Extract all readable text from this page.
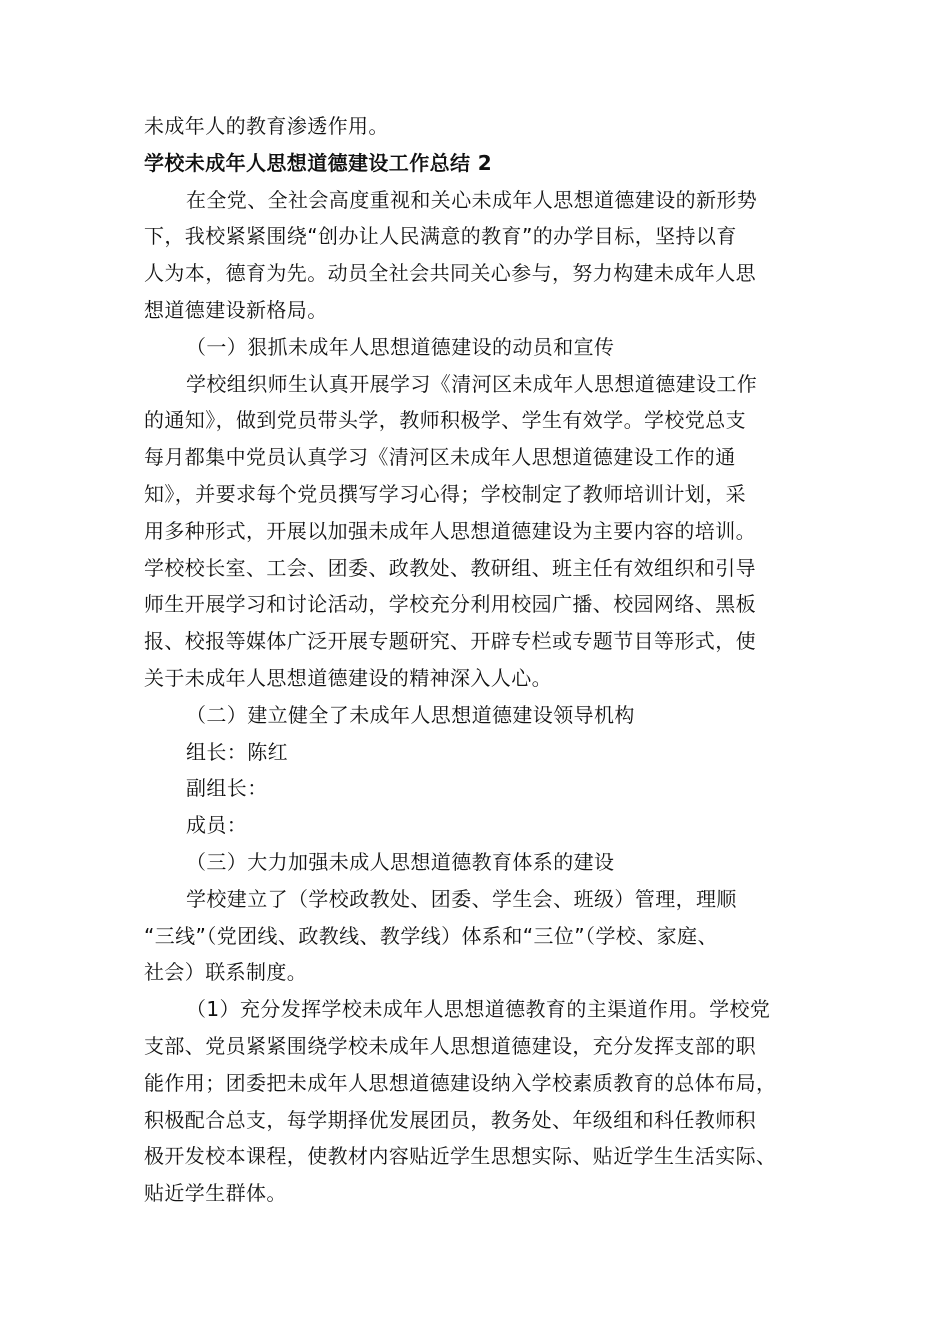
未成年人的教育渗透作用。

学校未成年人思想道德建设工作总结 2

在全党、全社会高度重视和关心未成年人思想道德建设的新形势

下，我校紧紧围绕“创办让人民满意的教育”的办学目标，坚持以育

人为本，德育为先。动员全社会共同关心参与，努力构建未成年人思

想道德建设新格局。

（一）狠抓未成年人思想道德建设的动员和宣传

学校组织师生认真开展学习《清河区未成年人思想道德建设工作

的通知》，做到党员带头学，教师积极学、学生有效学。学校党总支

每月都集中党员认真学习《清河区未成年人思想道德建设工作的通

知》，并要求每个党员撰写学习心得；学校制定了教师培训计划，采

用多种形式，开展以加强未成年人思想道德建设为主要内容的培训。

学校校长室、工会、团委、政教处、教研组、班主任有效组织和引导

师生开展学习和讨论活动，学校充分利用校园广播、校园网络、黑板

报、校报等媒体广泛开展专题研究、开辟专栏或专题节目等形式，使

关于未成年人思想道德建设的精神深入人心。

（二）建立健全了未成年人思想道德建设领导机构

组长：陈红

副组长：

成员：

（三）大力加强未成人思想道德教育体系的建设

学校建立了（学校政教处、团委、学生会、班级）管理，理顺

“三线”（党团线、政教线、教学线）体系和“三位”（学校、家庭、

社会）联系制度。

（1）充分发挥学校未成年人思想道德教育的主渠道作用。学校党

支部、党员紧紧围绕学校未成年人思想道德建设，充分发挥支部的职

能作用；团委把未成年人思想道德建设纳入学校素质教育的总体布局，

积极配合总支，每学期择优发展团员，教务处、年级组和科任教师积

极开发校本课程，使教材内容贴近学生思想实际、贴近学生生活实际、

贴近学生群体。
